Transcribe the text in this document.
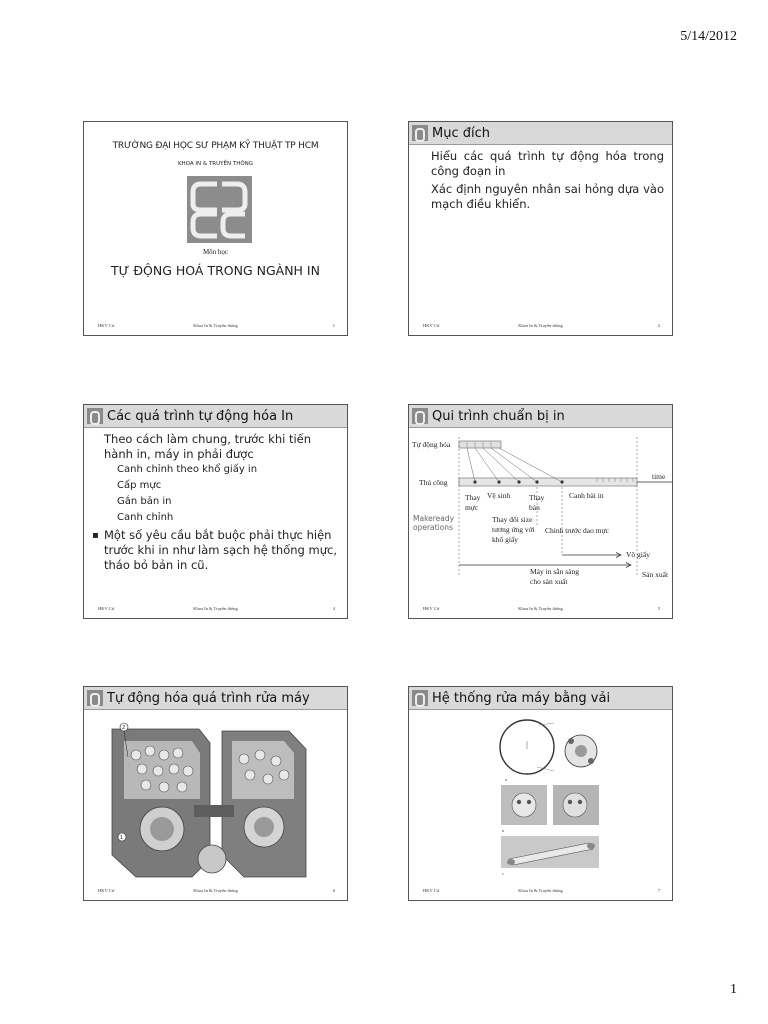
5/14/2012
TRƯỜNG ĐẠI HỌC SƯ PHẠM KỸ THUẬT TP HCM
KHOA IN & TRUYỀN THÔNG
Môn học
TỰ ĐỘNG HOÁ TRONG NGÀNH IN
HKV Cử	Khoa In & Truyền thông	1
Mục đích

Hiểu các quá trình tự động hóa trong công đoạn in

Xác định nguyên nhân sai hỏng dựa vào mạch điều khiển.

HKV Cử	Khoa In & Truyền thông	2
Các quá trình tự động hóa In

Theo cách làm chung, trước khi tiến hành in, máy in phải được

Canh chỉnh theo khổ giấy in
Cấp mực
Gắn bản in
Canh chỉnh

▪ Một số yêu cầu bắt buộc phải thực hiện trước khi in như làm sạch hệ thống mực, tháo bỏ bản in cũ.

HKV Cử	Khoa In & Truyền thông	4
Qui trình chuẩn bị in
Tự động hóa
Thủ công
time
Makeready
operations
Thay
mực
Vệ sinh	Thay
bản
Canh bài in
Thay đổi size
tương ứng với
khổ giấy
Chỉnh trước dao mực
Vô giấy
Máy in sẵn sàng
cho sản xuất
Sản xuất
HKV Cử	Khoa In & Truyền thông	5
Tự động hóa quá trình rửa máy
2
1
HKV Cử	Khoa In & Truyền thông	6
Hệ thống rửa máy bằng vải
a
b
c
HKV Cử	Khoa In & Truyền thông	7
1
